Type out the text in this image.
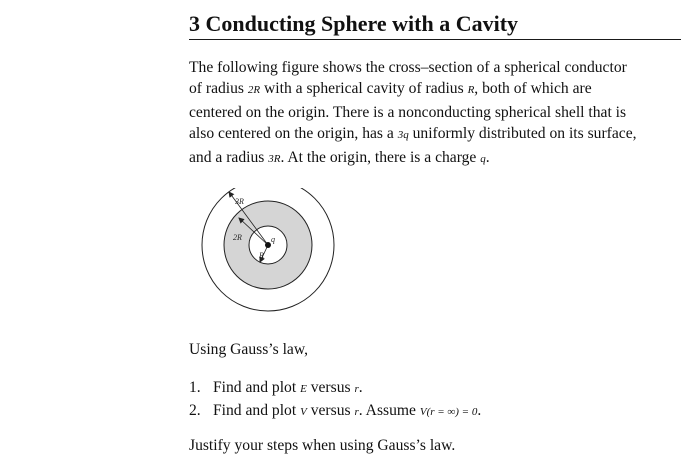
3 Conducting Sphere with a Cavity
The following figure shows the cross–section of a spherical conductor
of radius 2R with a spherical cavity of radius R, both of which are
centered on the origin. There is a nonconducting spherical shell that is
also centered on the origin, has a 3q uniformly distributed on its surface,
and a radius 3R. At the origin, there is a charge q.
3R
2R
R
q
Using Gauss’s law,
1. Find and plot E versus r.
2. Find and plot V versus r. Assume V(r = ∞) = 0.
Justify your steps when using Gauss’s law.
